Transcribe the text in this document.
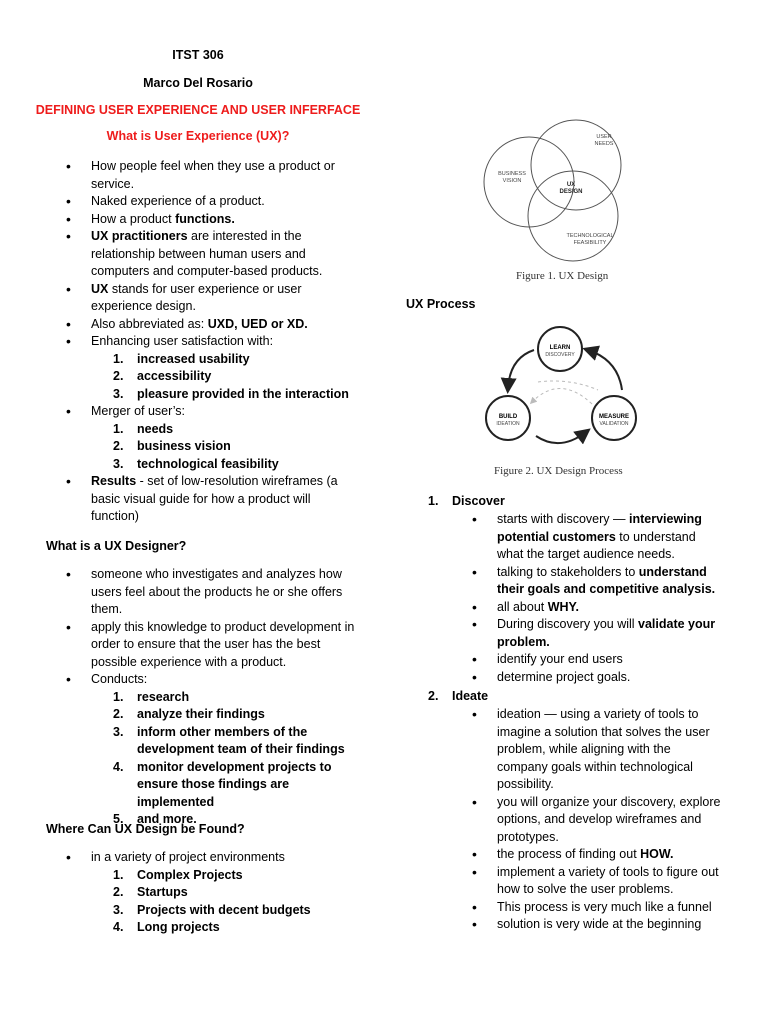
ITST 306
Marco Del Rosario
DEFINING USER EXPERIENCE AND USER INFERFACE
What is User Experience (UX)?
• How people feel when they use a product or service.
• Naked experience of a product.
• How a product functions.
• UX practitioners are interested in the relationship between human users and computers and computer-based products.
• UX stands for user experience or user experience design.
• Also abbreviated as: UXD, UED or XD.
• Enhancing user satisfaction with:
1. increased usability
2. accessibility
3. pleasure provided in the interaction
• Merger of user’s:
1. needs
2. business vision
3. technological feasibility
• Results - set of low-resolution wireframes (a basic visual guide for how a product will function)
What is a UX Designer?
• someone who investigates and analyzes how users feel about the products he or she offers them.
• apply this knowledge to product development in order to ensure that the user has the best possible experience with a product.
• Conducts:
1. research
2. analyze their findings
3. inform other members of the development team of their findings
4. monitor development projects to ensure those findings are implemented
5. and more.
Where Can UX Design be Found?
• in a variety of project environments
1. Complex Projects
2. Startups
3. Projects with decent budgets
4. Long projects
USER
NEEDS
BUSINESS
VISION
UX
DESIGN
TECHNOLOGICAL
FEASIBILITY
Figure 1. UX Design
UX Process
LEARN
DISCOVERY
BUILD
IDEATION
MEASURE
VALIDATION
Figure 2. UX Design Process
1. Discover
• starts with discovery — interviewing potential customers to understand what the target audience needs.
• talking to stakeholders to understand their goals and competitive analysis.
• all about WHY.
• During discovery you will validate your problem.
• identify your end users
• determine project goals.
2. Ideate
• ideation — using a variety of tools to imagine a solution that solves the user problem, while aligning with the company goals within technological possibility.
• you will organize your discovery, explore options, and develop wireframes and prototypes.
• the process of finding out HOW.
• implement a variety of tools to figure out how to solve the user problems.
• This process is very much like a funnel
• solution is very wide at the beginning
